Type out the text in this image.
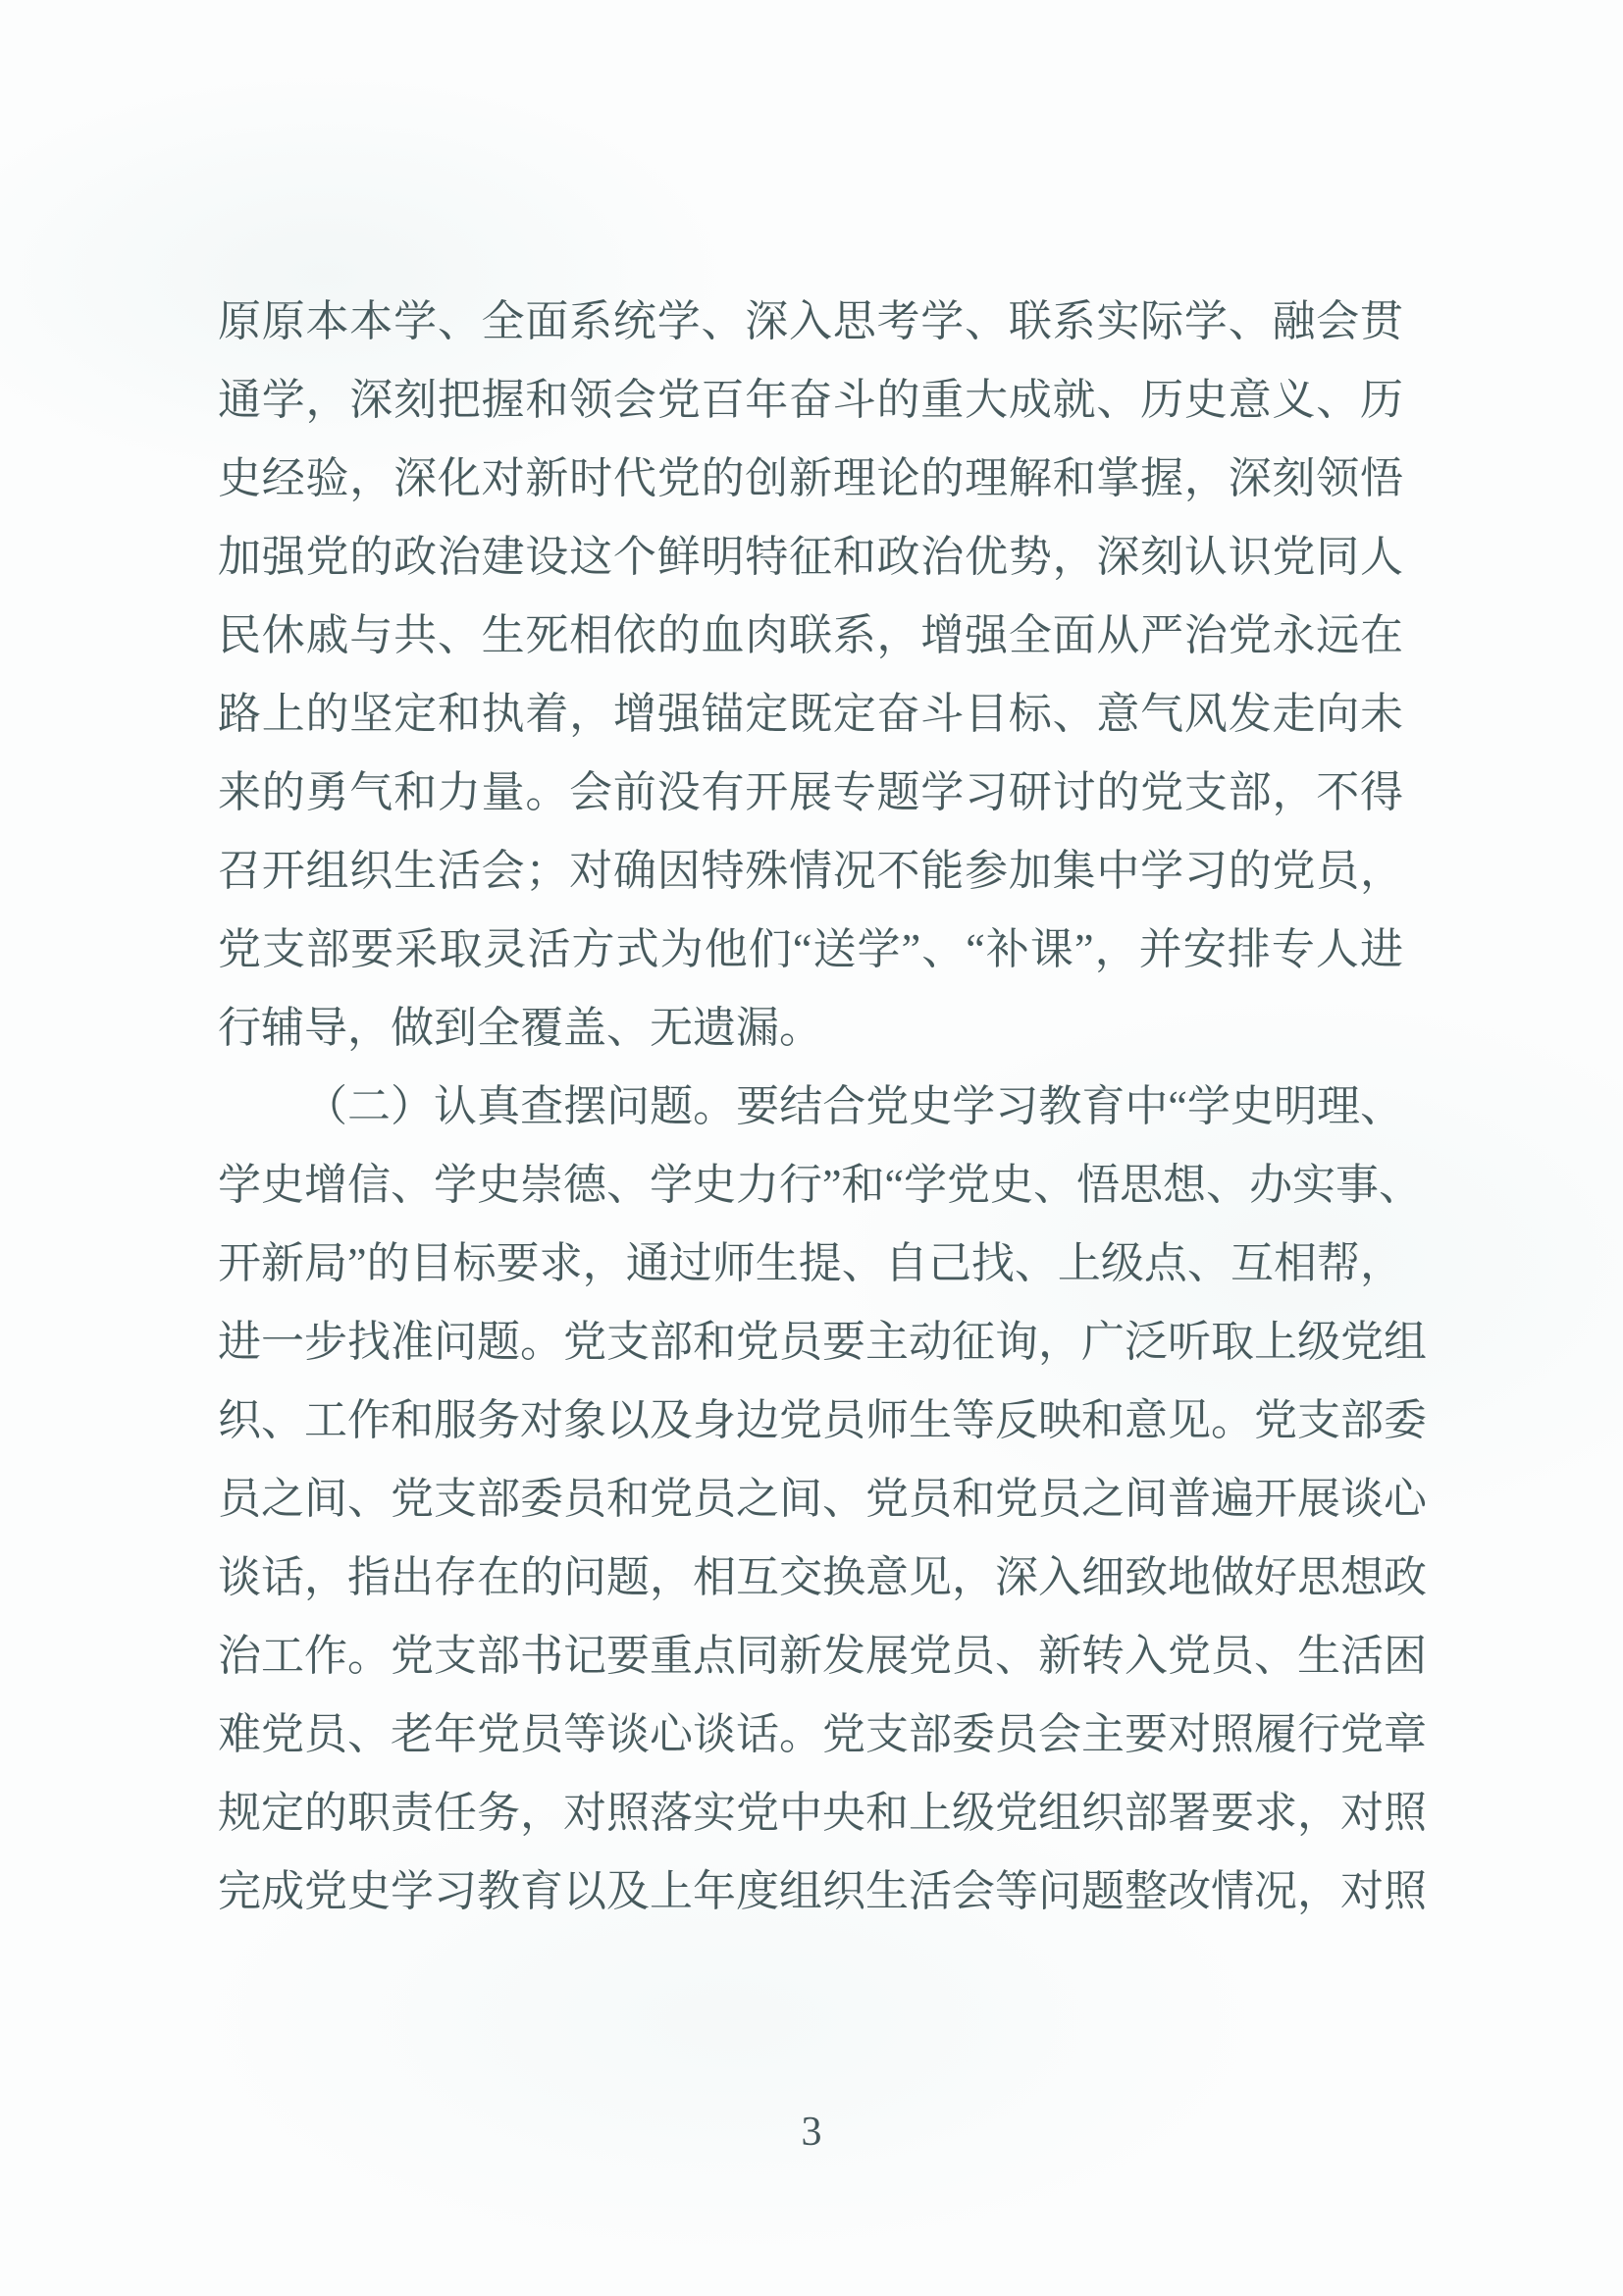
原原本本学、全面系统学、深入思考学、联系实际学、融会贯
通学，深刻把握和领会党百年奋斗的重大成就、历史意义、历
史经验，深化对新时代党的创新理论的理解和掌握，深刻领悟
加强党的政治建设这个鲜明特征和政治优势，深刻认识党同人
民休戚与共、生死相依的血肉联系，增强全面从严治党永远在
路上的坚定和执着，增强锚定既定奋斗目标、意气风发走向未
来的勇气和力量。会前没有开展专题学习研讨的党支部，不得
召开组织生活会；对确因特殊情况不能参加集中学习的党员，
党支部要采取灵活方式为他们“送学”、“补课”，并安排专人进
行辅导，做到全覆盖、无遗漏。
（二）认真查摆问题。要结合党史学习教育中“学史明理、
学史增信、学史崇德、学史力行”和“学党史、悟思想、办实事、
开新局”的目标要求，通过师生提、自己找、上级点、互相帮，
进一步找准问题。党支部和党员要主动征询，广泛听取上级党组
织、工作和服务对象以及身边党员师生等反映和意见。党支部委
员之间、党支部委员和党员之间、党员和党员之间普遍开展谈心
谈话，指出存在的问题，相互交换意见，深入细致地做好思想政
治工作。党支部书记要重点同新发展党员、新转入党员、生活困
难党员、老年党员等谈心谈话。党支部委员会主要对照履行党章
规定的职责任务，对照落实党中央和上级党组织部署要求，对照
完成党史学习教育以及上年度组织生活会等问题整改情况，对照
3
